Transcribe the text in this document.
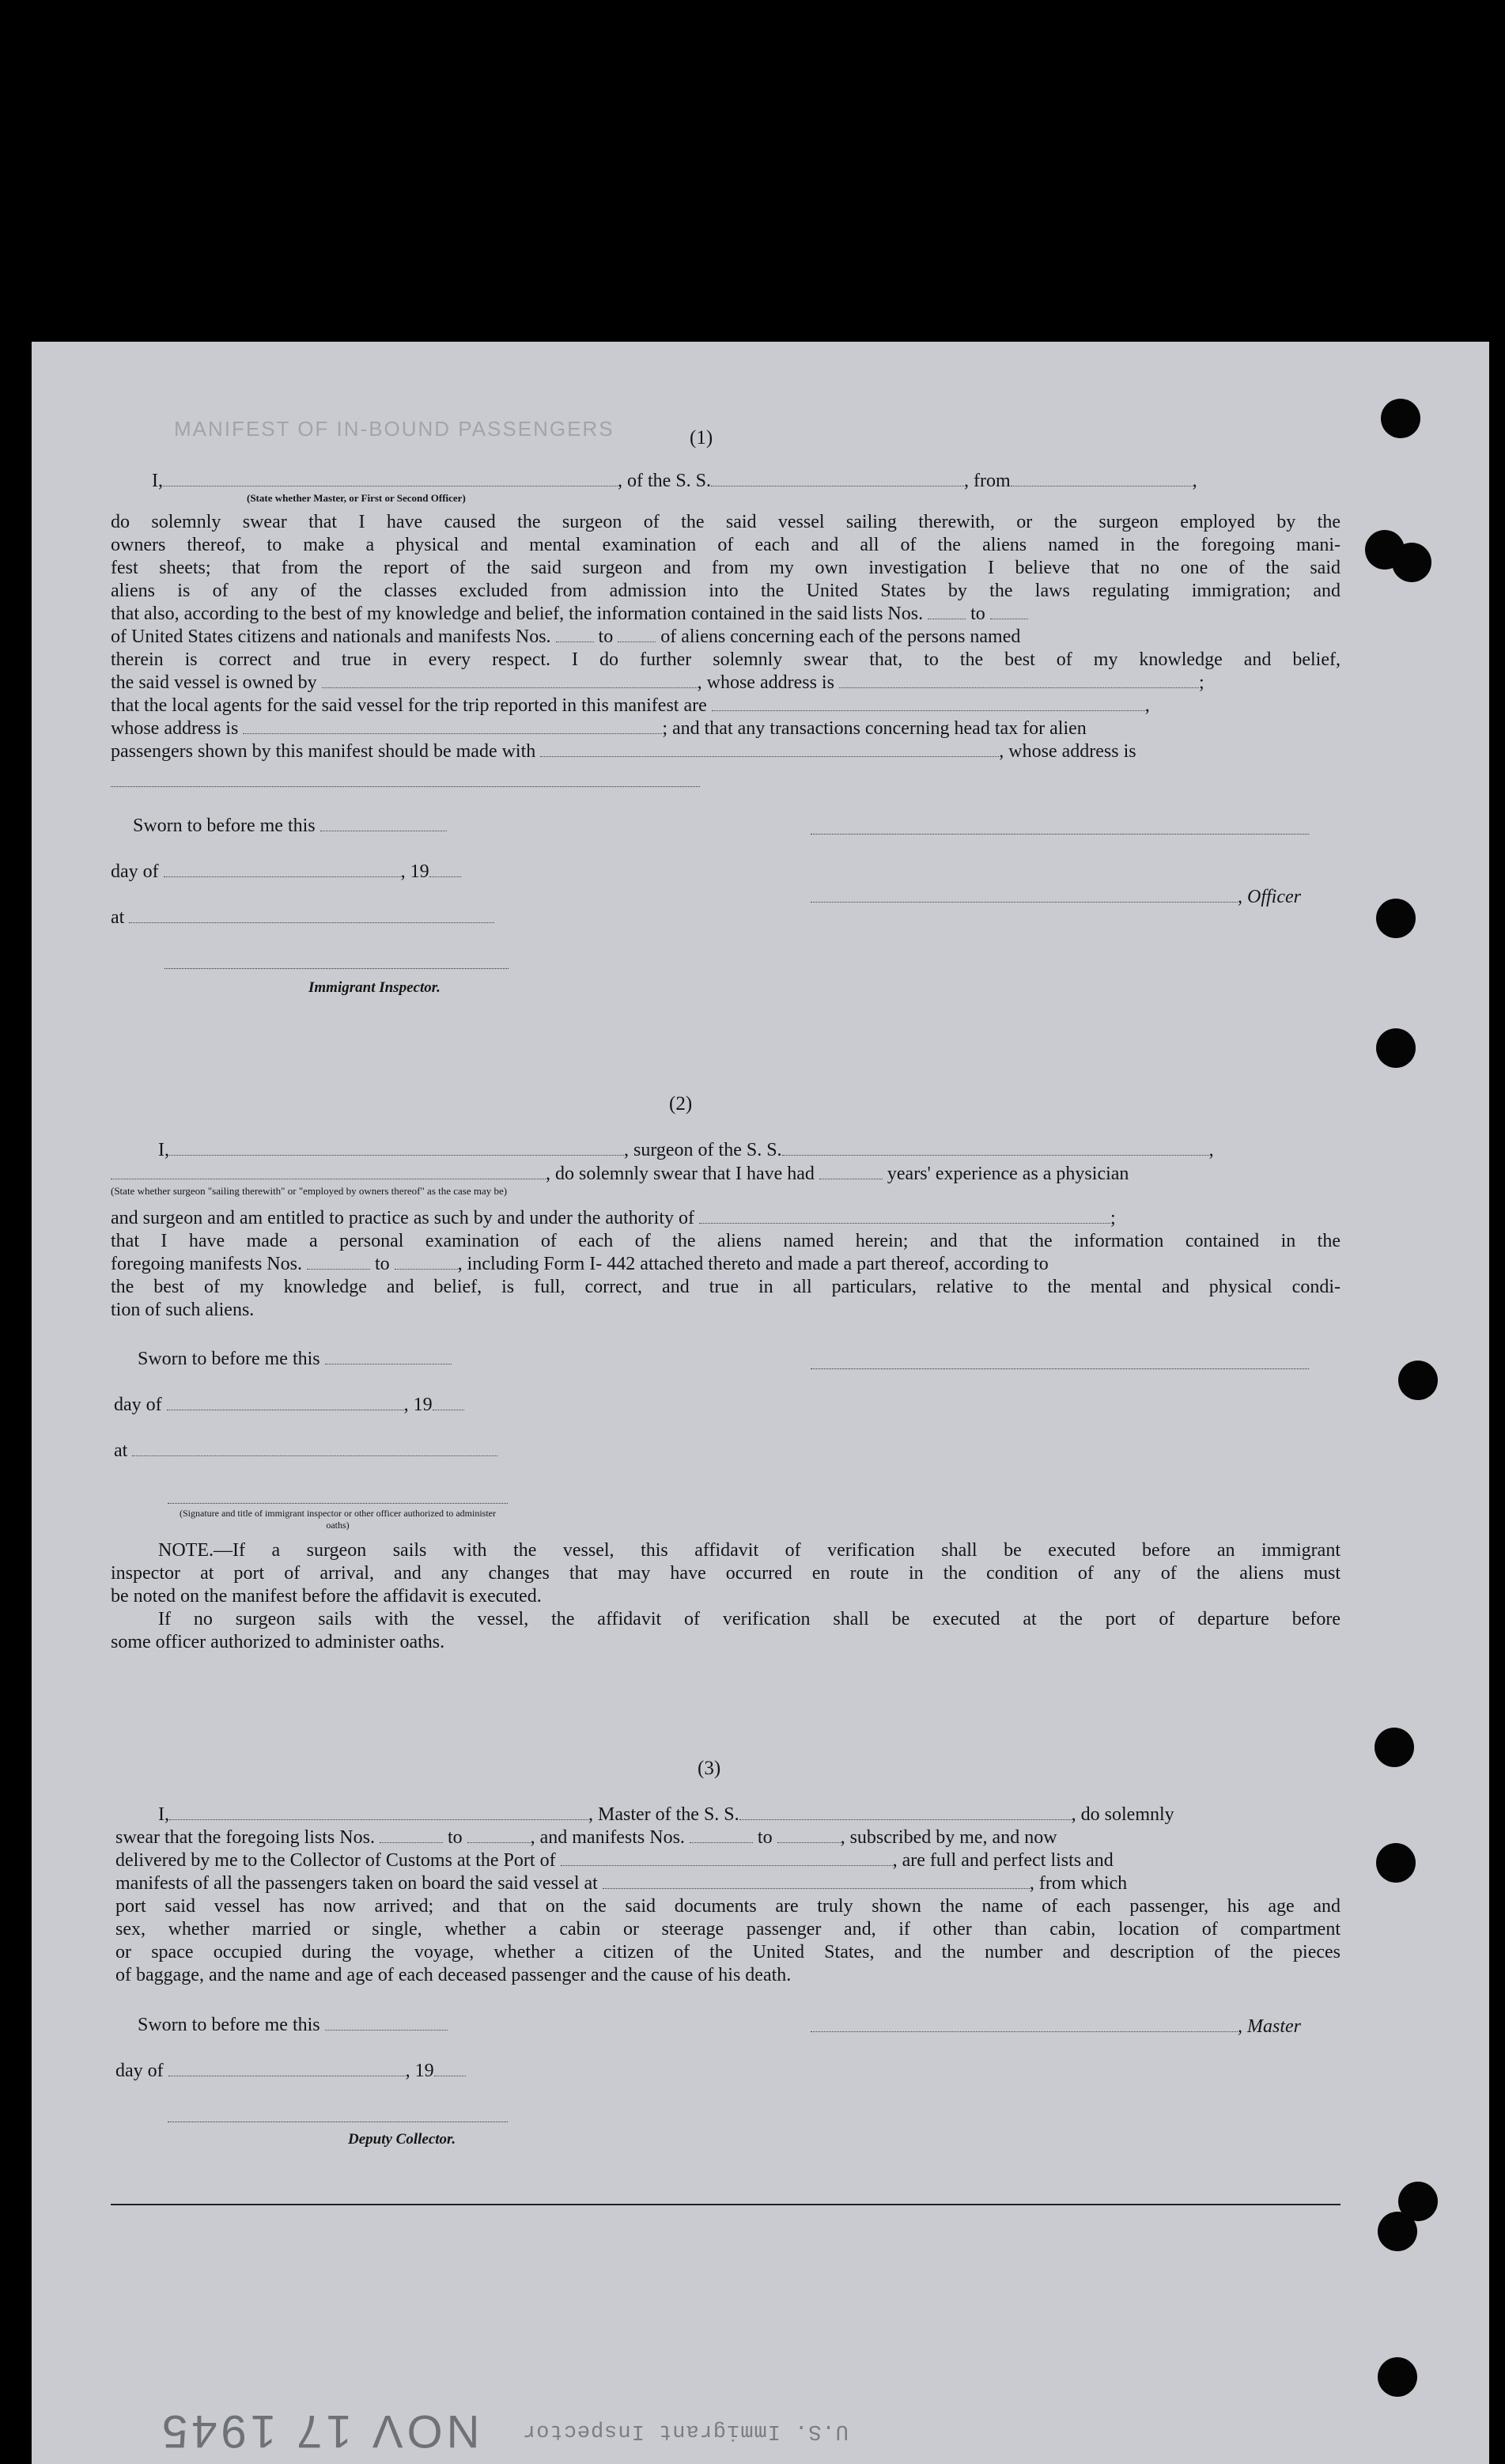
MANIFEST OF IN-BOUND PASSENGERS	(1)
I,	, of the S. S.	, from	,
(State whether Master, or First or Second Officer)
do solemnly swear that I have caused the surgeon of the said vessel sailing therewith, or the surgeon employed by the
owners thereof, to make a physical and mental examination of each and all of the aliens named in the foregoing mani-
fest sheets; that from the report of the said surgeon and from my own investigation I believe that no one of the said
aliens is of any of the classes excluded from admission into the United States by the laws regulating immigration; and
that also, according to the best of my knowledge and belief, the information contained in the said lists Nos.	to
of United States citizens and nationals and manifests Nos.	to	of aliens concerning each of the persons named
therein is correct and true in every respect. I do further solemnly swear that, to the best of my knowledge and belief,
the said vessel is owned by	, whose address is	;
that the local agents for the said vessel for the trip reported in this manifest are	,
whose address is	; and that any transactions concerning head tax for alien
passengers shown by this manifest should be made with	, whose address is
Sworn to before me this
day of	, 19
, Officer
at
Immigrant Inspector.
(2)
I,	, surgeon of the S. S.	,
, do solemnly swear that I have had	years' experience as a physician
(State whether surgeon "sailing therewith" or "employed by owners thereof" as the case may be)
and surgeon and am entitled to practice as such by and under the authority of	;
that I have made a personal examination of each of the aliens named herein; and that the information contained in the
foregoing manifests Nos.	to	, including Form I- 442 attached thereto and made a part thereof, according to
the best of my knowledge and belief, is full, correct, and true in all particulars, relative to the mental and physical condi-
tion of such aliens.
Sworn to before me this
day of	, 19
at
(Signature and title of immigrant inspector or other officer authorized to administer oaths)
NOTE.—If a surgeon sails with the vessel, this affidavit of verification shall be executed before an immigrant
inspector at port of arrival, and any changes that may have occurred en route in the condition of any of the aliens must
be noted on the manifest before the affidavit is executed.
If no surgeon sails with the vessel, the affidavit of verification shall be executed at the port of departure before
some officer authorized to administer oaths.
(3)
I,	, Master of the S. S.	, do solemnly
swear that the foregoing lists Nos.	to	, and manifests Nos.	to	, subscribed by me, and now
delivered by me to the Collector of Customs at the Port of	, are full and perfect lists and
manifests of all the passengers taken on board the said vessel at	, from which
port said vessel has now arrived; and that on the said documents are truly shown the name of each passenger, his age and
sex, whether married or single, whether a cabin or steerage passenger and, if other than cabin, location of compartment
or space occupied during the voyage, whether a citizen of the United States, and the number and description of the pieces
of baggage, and the name and age of each deceased passenger and the cause of his death.
Sworn to before me this	, Master
day of	, 19
Deputy Collector.
NOV 17 1945 U.S. Immigrant Inspector
